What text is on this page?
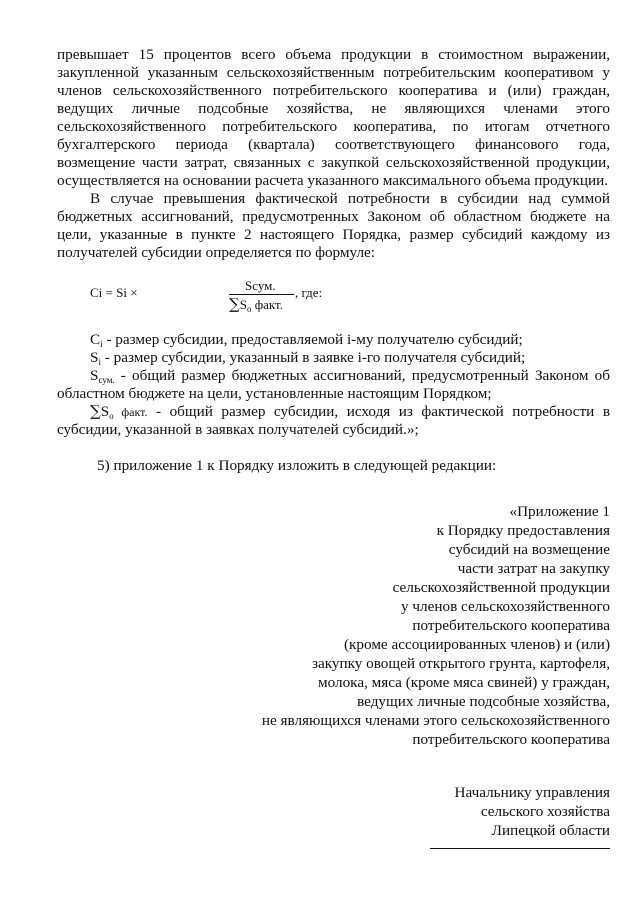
превышает 15 процентов всего объема продукции в стоимостном выражении,

закупленной указанным сельскохозяйственным потребительским кооперативом у

членов сельскохозяйственного потребительского кооператива и (или) граждан,

ведущих личные подсобные хозяйства, не являющихся членами этого

сельскохозяйственного потребительского кооператива, по итогам отчетного

бухгалтерского периода (квартала) соответствующего финансового года,

возмещение части затрат, связанных с закупкой сельскохозяйственной продукции,

осуществляется на основании расчета указанного максимального объема продукции.

В случае превышения фактической потребности в субсидии над суммой

бюджетных ассигнований, предусмотренных Законом об областном бюджете на

цели, указанные в пункте 2 настоящего Порядка, размер субсидий каждому из

получателей субсидии определяется по формуле:

Ci = Si ×	Sсум.
$\sum S_o$ факт.
, где:

$C_i$ - размер субсидии, предоставляемой i-му получателю субсидий;

$S_i$ - размер субсидии, указанный в заявке i-го получателя субсидий;

$S_{сум.}$ - общий размер бюджетных ассигнований, предусмотренный Законом об

областном бюджете на цели, установленные настоящим Порядком;

$\sum S_o$ факт. - общий размер субсидии, исходя из фактической потребности в

субсидии, указанной в заявках получателей субсидий.»;

5) приложение 1 к Порядку изложить в следующей редакции:

«Приложение 1

к Порядку предоставления

субсидий на возмещение

части затрат на закупку

сельскохозяйственной продукции

у членов сельскохозяйственного

потребительского кооператива

(кроме ассоциированных членов) и (или)

закупку овощей открытого грунта, картофеля,

молока, мяса (кроме мяса свиней) у граждан,

ведущих личные подсобные хозяйства,

не являющихся членами этого сельскохозяйственного

потребительского кооператива

Начальнику управления

сельского хозяйства

Липецкой области
